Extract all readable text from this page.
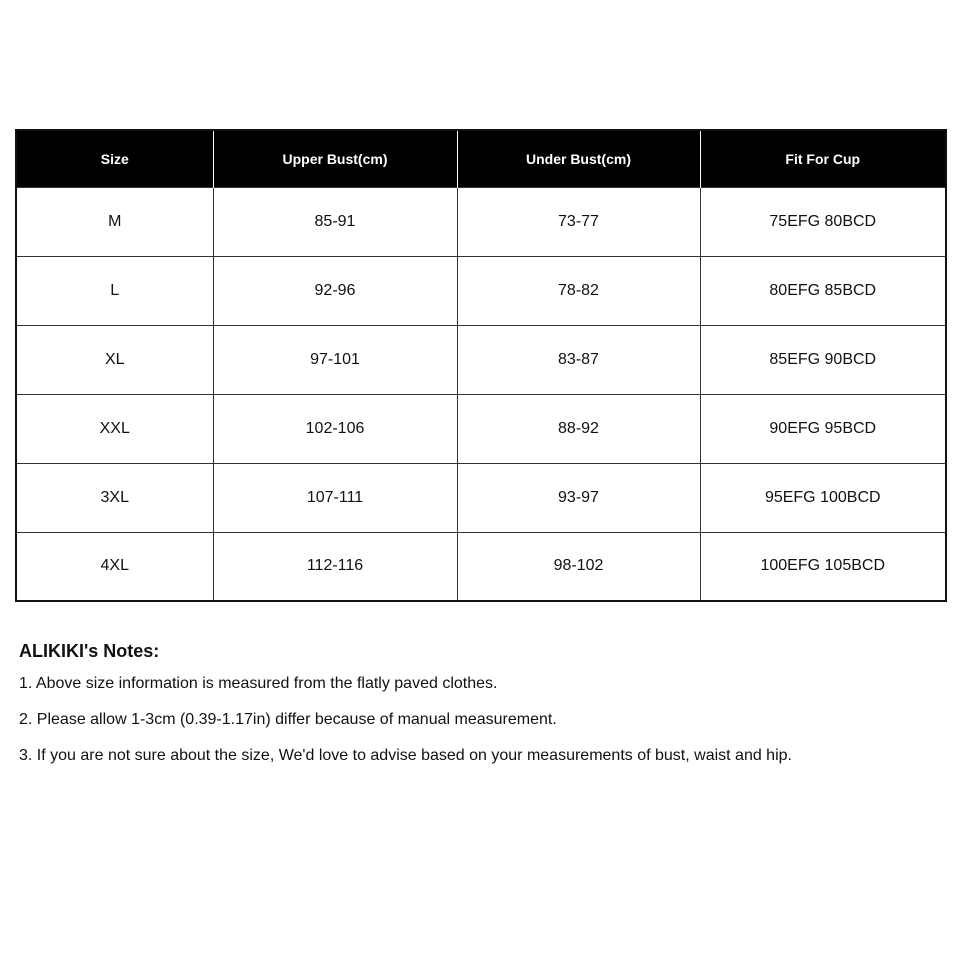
Size	Upper Bust(cm)	Under Bust(cm)	Fit For Cup
M	85-91	73-77	75EFG 80BCD
L	92-96	78-82	80EFG 85BCD
XL	97-101	83-87	85EFG 90BCD
XXL	102-106	88-92	90EFG 95BCD
3XL	107-111	93-97	95EFG 100BCD
4XL	112-116	98-102	100EFG 105BCD
ALIKIKI's Notes:
1. Above size information is measured from the flatly paved clothes.
2. Please allow 1-3cm (0.39-1.17in) differ because of manual measurement.
3. If you are not sure about the size, We'd love to advise based on your measurements of bust, waist and hip.
